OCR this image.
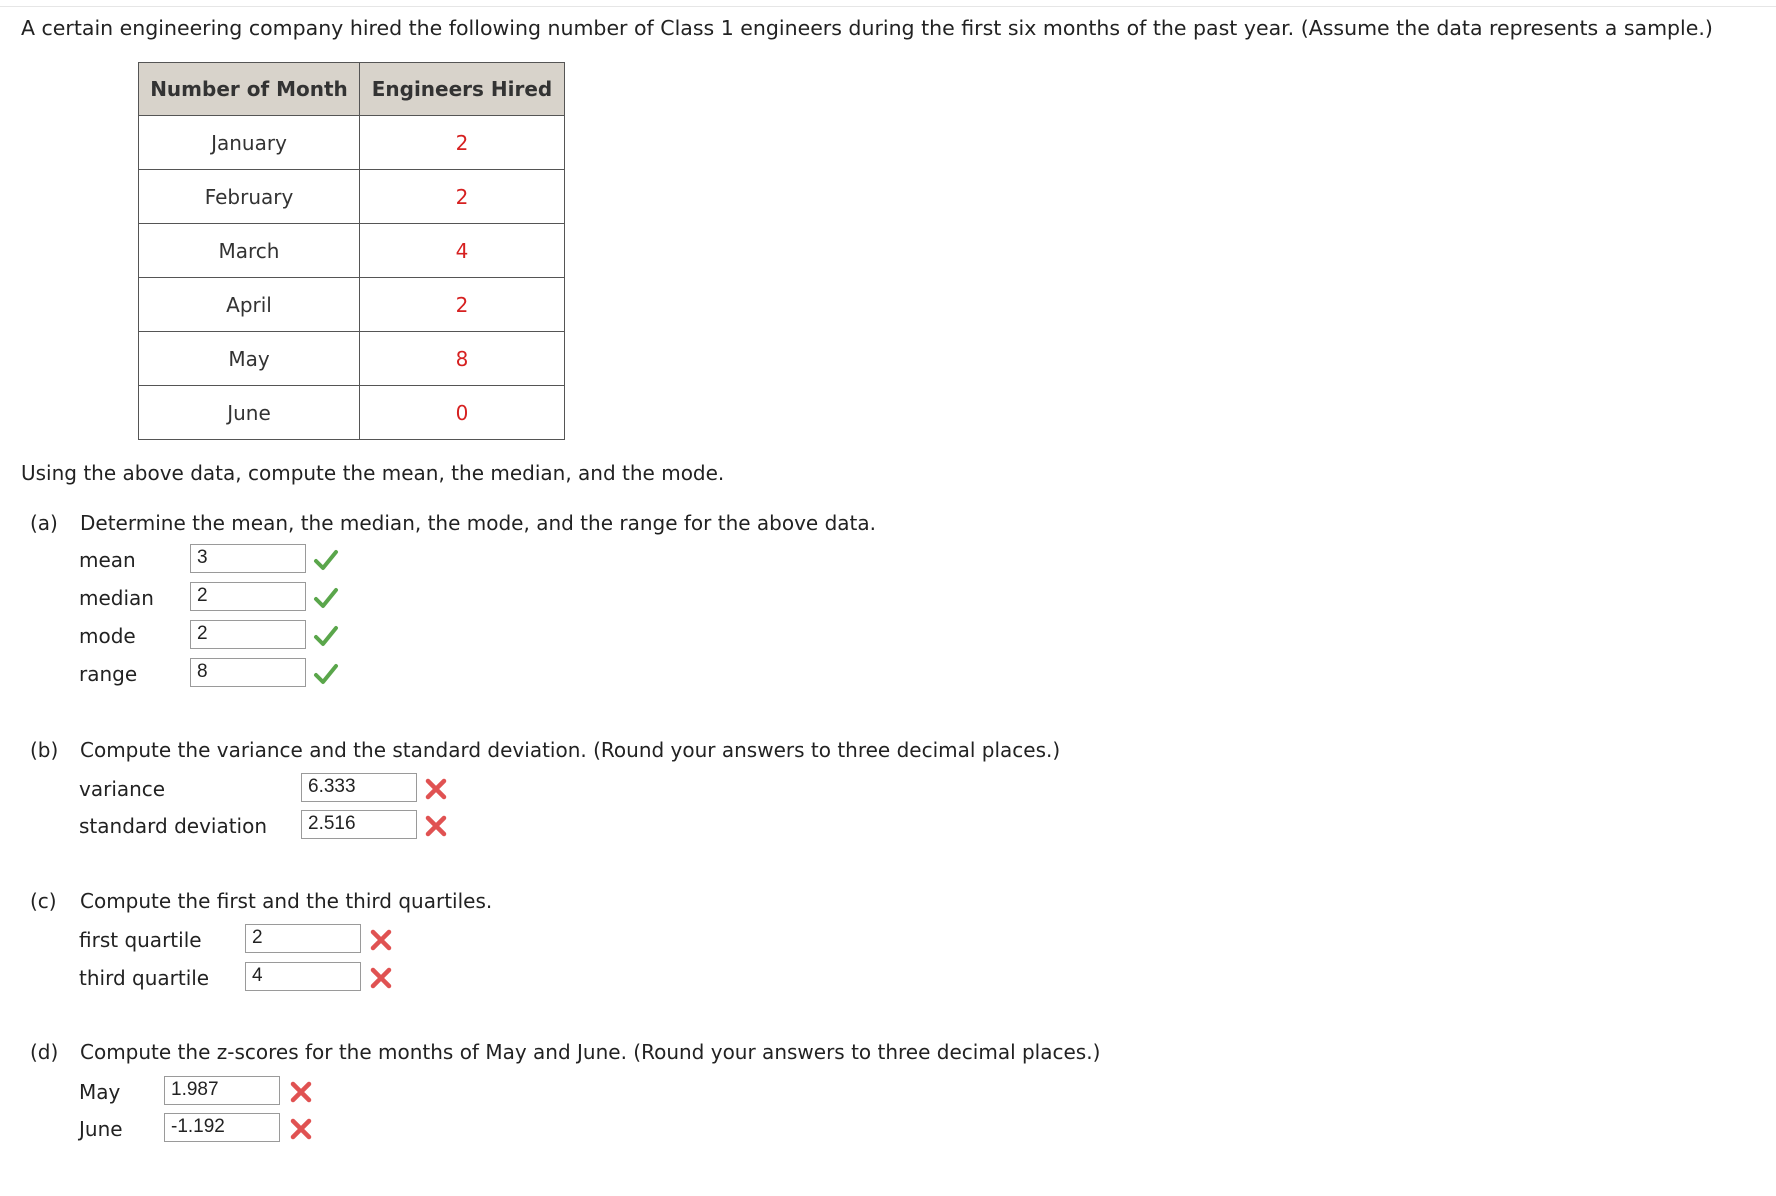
A certain engineering company hired the following number of Class 1 engineers during the first six months of the past year. (Assume the data represents a sample.)
Number of Month	Engineers Hired
January	2
February	2
March	4
April	2
May	8
June	0
Using the above data, compute the mean, the median, and the mode.
(a) Determine the mean, the median, the mode, and the range for the above data.
mean	3
median	2
mode	2
range	8
(b) Compute the variance and the standard deviation. (Round your answers to three decimal places.)
variance	6.333
standard deviation	2.516
(c) Compute the first and the third quartiles.
first quartile	2
third quartile	4
(d) Compute the z-scores for the months of May and June. (Round your answers to three decimal places.)
May	1.987
June	-1.192
